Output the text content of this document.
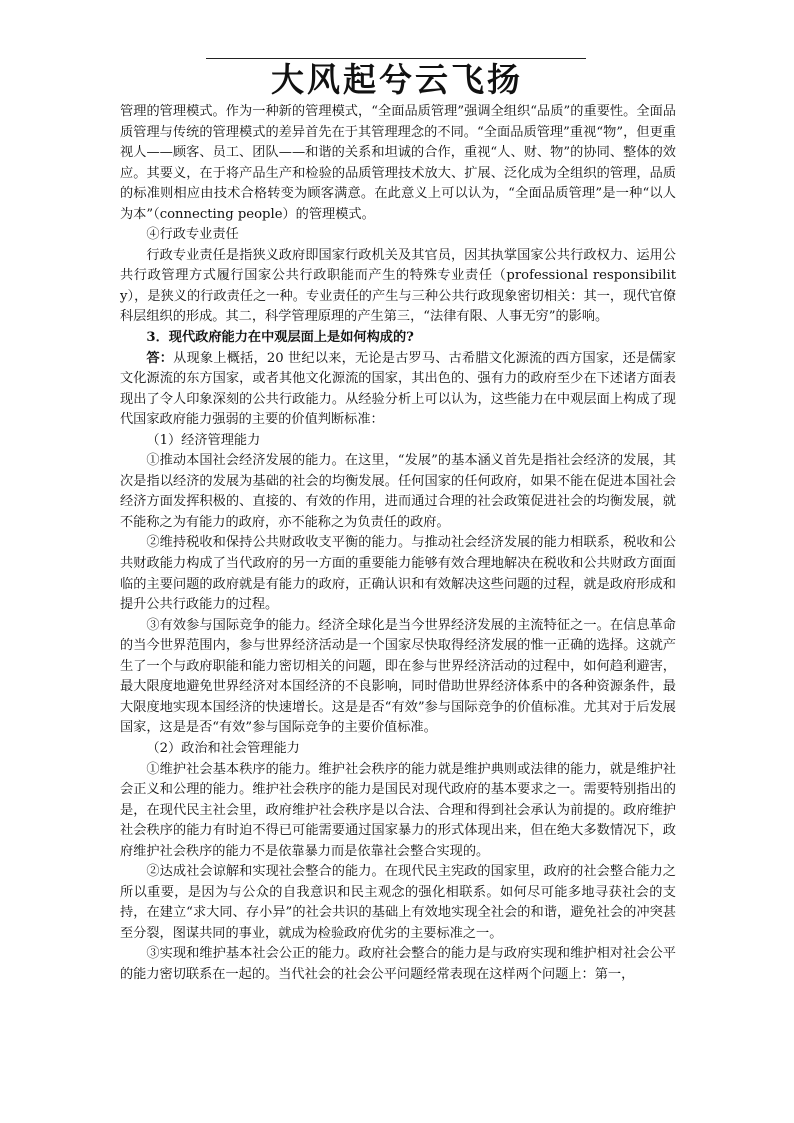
大风起兮云飞扬

管理的管理模式。作为一种新的管理模式，“全面品质管理”强调全组织“品质”的重要性。全面品质管理与传统的管理模式的差异首先在于其管理理念的不同。“全面品质管理”重视“物”，但更重视人——顾客、员工、团队——和谐的关系和坦诚的合作，重视“人、财、物”的协同、整体的效应。其要义，在于将产品生产和检验的品质管理技术放大、扩展、泛化成为全组织的管理，品质的标准则相应由技术合格转变为顾客满意。在此意义上可以认为，“全面品质管理”是一种“以人为本”（connecting people）的管理模式。

④行政专业责任

行政专业责任是指狭义政府即国家行政机关及其官员，因其执掌国家公共行政权力、运用公共行政管理方式履行国家公共行政职能而产生的特殊专业责任（professional responsibility），是狭义的行政责任之一种。专业责任的产生与三种公共行政现象密切相关：其一，现代官僚科层组织的形成。其二，科学管理原理的产生第三，“法律有限、人事无穷”的影响。

3．现代政府能力在中观层面上是如何构成的?

答：从现象上概括，20 世纪以来，无论是古罗马、古希腊文化源流的西方国家，还是儒家文化源流的东方国家，或者其他文化源流的国家，其出色的、强有力的政府至少在下述诸方面表现出了令人印象深刻的公共行政能力。从经验分析上可以认为，这些能力在中观层面上构成了现代国家政府能力强弱的主要的价值判断标准：

（1）经济管理能力

①推动本国社会经济发展的能力。在这里，“发展”的基本涵义首先是指社会经济的发展，其次是指以经济的发展为基础的社会的均衡发展。任何国家的任何政府，如果不能在促进本国社会经济方面发挥积极的、直接的、有效的作用，进而通过合理的社会政策促进社会的均衡发展，就不能称之为有能力的政府，亦不能称之为负责任的政府。

②维持税收和保持公共财政收支平衡的能力。与推动社会经济发展的能力相联系，税收和公共财政能力构成了当代政府的另一方面的重要能力能够有效合理地解决在税收和公共财政方面面临的主要问题的政府就是有能力的政府，正确认识和有效解决这些问题的过程，就是政府形成和提升公共行政能力的过程。

③有效参与国际竞争的能力。经济全球化是当今世界经济发展的主流特征之一。在信息革命的当今世界范围内，参与世界经济活动是一个国家尽快取得经济发展的惟一正确的选择。这就产生了一个与政府职能和能力密切相关的问题，即在参与世界经济活动的过程中，如何趋利避害，最大限度地避免世界经济对本国经济的不良影响，同时借助世界经济体系中的各种资源条件，最大限度地实现本国经济的快速增长。这是是否“有效”参与国际竞争的价值标准。尤其对于后发展国家，这是是否“有效”参与国际竞争的主要价值标准。

（2）政治和社会管理能力

①维护社会基本秩序的能力。维护社会秩序的能力就是维护典则或法律的能力，就是维护社会正义和公理的能力。维护社会秩序的能力是国民对现代政府的基本要求之一。需要特别指出的是，在现代民主社会里，政府维护社会秩序是以合法、合理和得到社会承认为前提的。政府维护社会秩序的能力有时迫不得已可能需要通过国家暴力的形式体现出来，但在绝大多数情况下，政府维护社会秩序的能力不是依靠暴力而是依靠社会整合实现的。

②达成社会谅解和实现社会整合的能力。在现代民主宪政的国家里，政府的社会整合能力之所以重要，是因为与公众的自我意识和民主观念的强化相联系。如何尽可能多地寻获社会的支持，在建立“求大同、存小异”的社会共识的基础上有效地实现全社会的和谐，避免社会的冲突甚至分裂，图谋共同的事业，就成为检验政府优劣的主要标准之一。

③实现和维护基本社会公正的能力。政府社会整合的能力是与政府实现和维护相对社会公平的能力密切联系在一起的。当代社会的社会公平问题经常表现在这样两个问题上：第一，
